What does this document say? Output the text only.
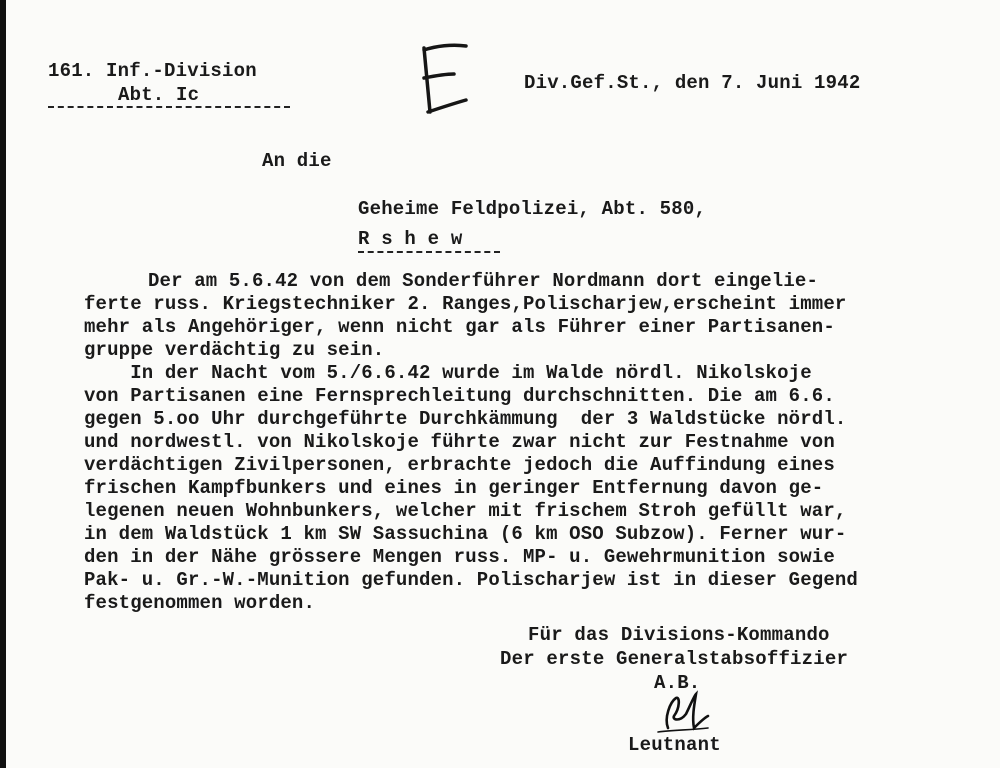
161. Inf.-Division
Abt. Ic
Div.Gef.St., den 7. Juni 1942
An die
Geheime Feldpolizei, Abt. 580,
R s h e w
Der am 5.6.42 von dem Sonderführer Nordmann dort eingelie-
ferte russ. Kriegstechniker 2. Ranges,Polischarjew,erscheint immer
mehr als Angehöriger, wenn nicht gar als Führer einer Partisanen-
gruppe verdächtig zu sein.
In der Nacht vom 5./6.6.42 wurde im Walde nördl. Nikolskoje
von Partisanen eine Fernsprechleitung durchschnitten. Die am 6.6.
gegen 5.oo Uhr durchgeführte Durchkämmung  der 3 Waldstücke nördl.
und nordwestl. von Nikolskoje führte zwar nicht zur Festnahme von
verdächtigen Zivilpersonen, erbrachte jedoch die Auffindung eines
frischen Kampfbunkers und eines in geringer Entfernung davon ge-
legenen neuen Wohnbunkers, welcher mit frischem Stroh gefüllt war,
in dem Waldstück 1 km SW Sassuchina (6 km OSO Subzow). Ferner wur-
den in der Nähe grössere Mengen russ. MP- u. Gewehrmunition sowie
Pak- u. Gr.-W.-Munition gefunden. Polischarjew ist in dieser Gegend
festgenommen worden.
Für das Divisions-Kommando
Der erste Generalstabsoffizier
A.B.
Leutnant
